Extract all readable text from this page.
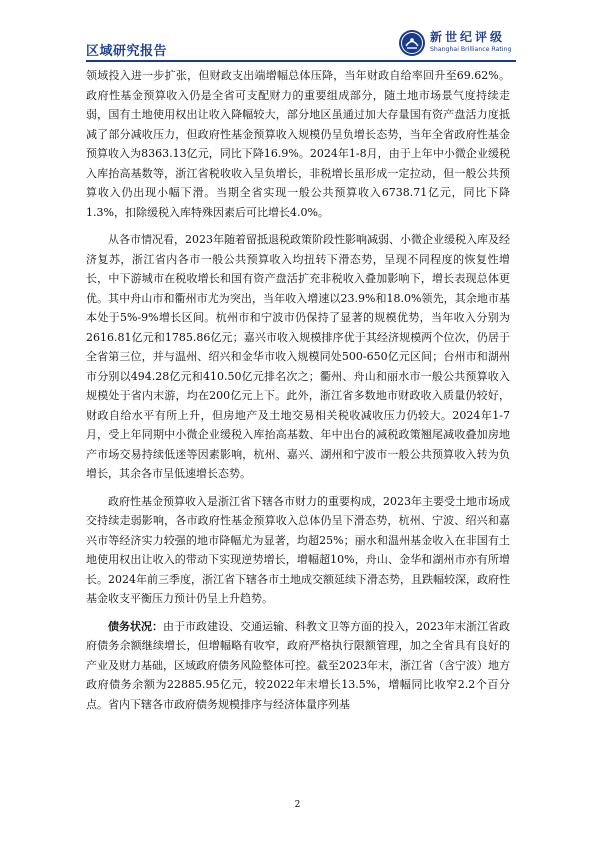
区域研究报告
新世纪评级
Shanghai Brilliance Rating

领域投入进一步扩张，但财政支出端增幅总体压降，当年财政自给率回升至69.62%。政府性基金预算收入仍是全省可支配财力的重要组成部分，随土地市场景气度持续走弱，国有土地使用权出让收入降幅较大，部分地区虽通过加大存量国有资产盘活力度抵减了部分减收压力，但政府性基金预算收入规模仍呈负增长态势，当年全省政府性基金预算收入为8363.13亿元，同比下降16.9%。2024年1-8月，由于上年中小微企业缓税入库抬高基数等，浙江省税收收入呈负增长，非税增长虽形成一定拉动，但一般公共预算收入仍出现小幅下滑。当期全省实现一般公共预算收入6738.71亿元，同比下降1.3%，扣除缓税入库特殊因素后可比增长4.0%。

从各市情况看，2023年随着留抵退税政策阶段性影响减弱、小微企业缓税入库及经济复苏，浙江省内各市一般公共预算收入均扭转下滑态势，呈现不同程度的恢复性增长，中下游城市在税收增长和国有资产盘活扩充非税收入叠加影响下，增长表现总体更优。其中舟山市和衢州市尤为突出，当年收入增速以23.9%和18.0%领先，其余地市基本处于5%-9%增长区间。杭州市和宁波市仍保持了显著的规模优势，当年收入分别为2616.81亿元和1785.86亿元；嘉兴市收入规模排序优于其经济规模两个位次，仍居于全省第三位，并与温州、绍兴和金华市收入规模同处500-650亿元区间；台州市和湖州市分别以494.28亿元和410.50亿元排名次之；衢州、舟山和丽水市一般公共预算收入规模处于省内末游，均在200亿元上下。此外，浙江省多数地市财政收入质量仍较好，财政自给水平有所上升，但房地产及土地交易相关税收减收压力仍较大。2024年1-7月，受上年同期中小微企业缓税入库抬高基数、年中出台的减税政策翘尾减收叠加房地产市场交易持续低迷等因素影响，杭州、嘉兴、湖州和宁波市一般公共预算收入转为负增长，其余各市呈低速增长态势。

政府性基金预算收入是浙江省下辖各市财力的重要构成，2023年主要受土地市场成交持续走弱影响，各市政府性基金预算收入总体仍呈下滑态势，杭州、宁波、绍兴和嘉兴市等经济实力较强的地市降幅尤为显著，均超25%；丽水和温州基金收入在非国有土地使用权出让收入的带动下实现逆势增长，增幅超10%，舟山、金华和湖州市亦有所增长。2024年前三季度，浙江省下辖各市土地成交额延续下滑态势，且跌幅较深，政府性基金收支平衡压力预计仍呈上升趋势。

债务状况：由于市政建设、交通运输、科教文卫等方面的投入，2023年末浙江省政府债务余额继续增长，但增幅略有收窄，政府严格执行限额管理，加之全省具有良好的产业及财力基础，区域政府债务风险整体可控。截至2023年末，浙江省（含宁波）地方政府债务余额为22885.95亿元，较2022年末增长13.5%，增幅同比收窄2.2个百分点。省内下辖各市政府债务规模排序与经济体量序列基

2
